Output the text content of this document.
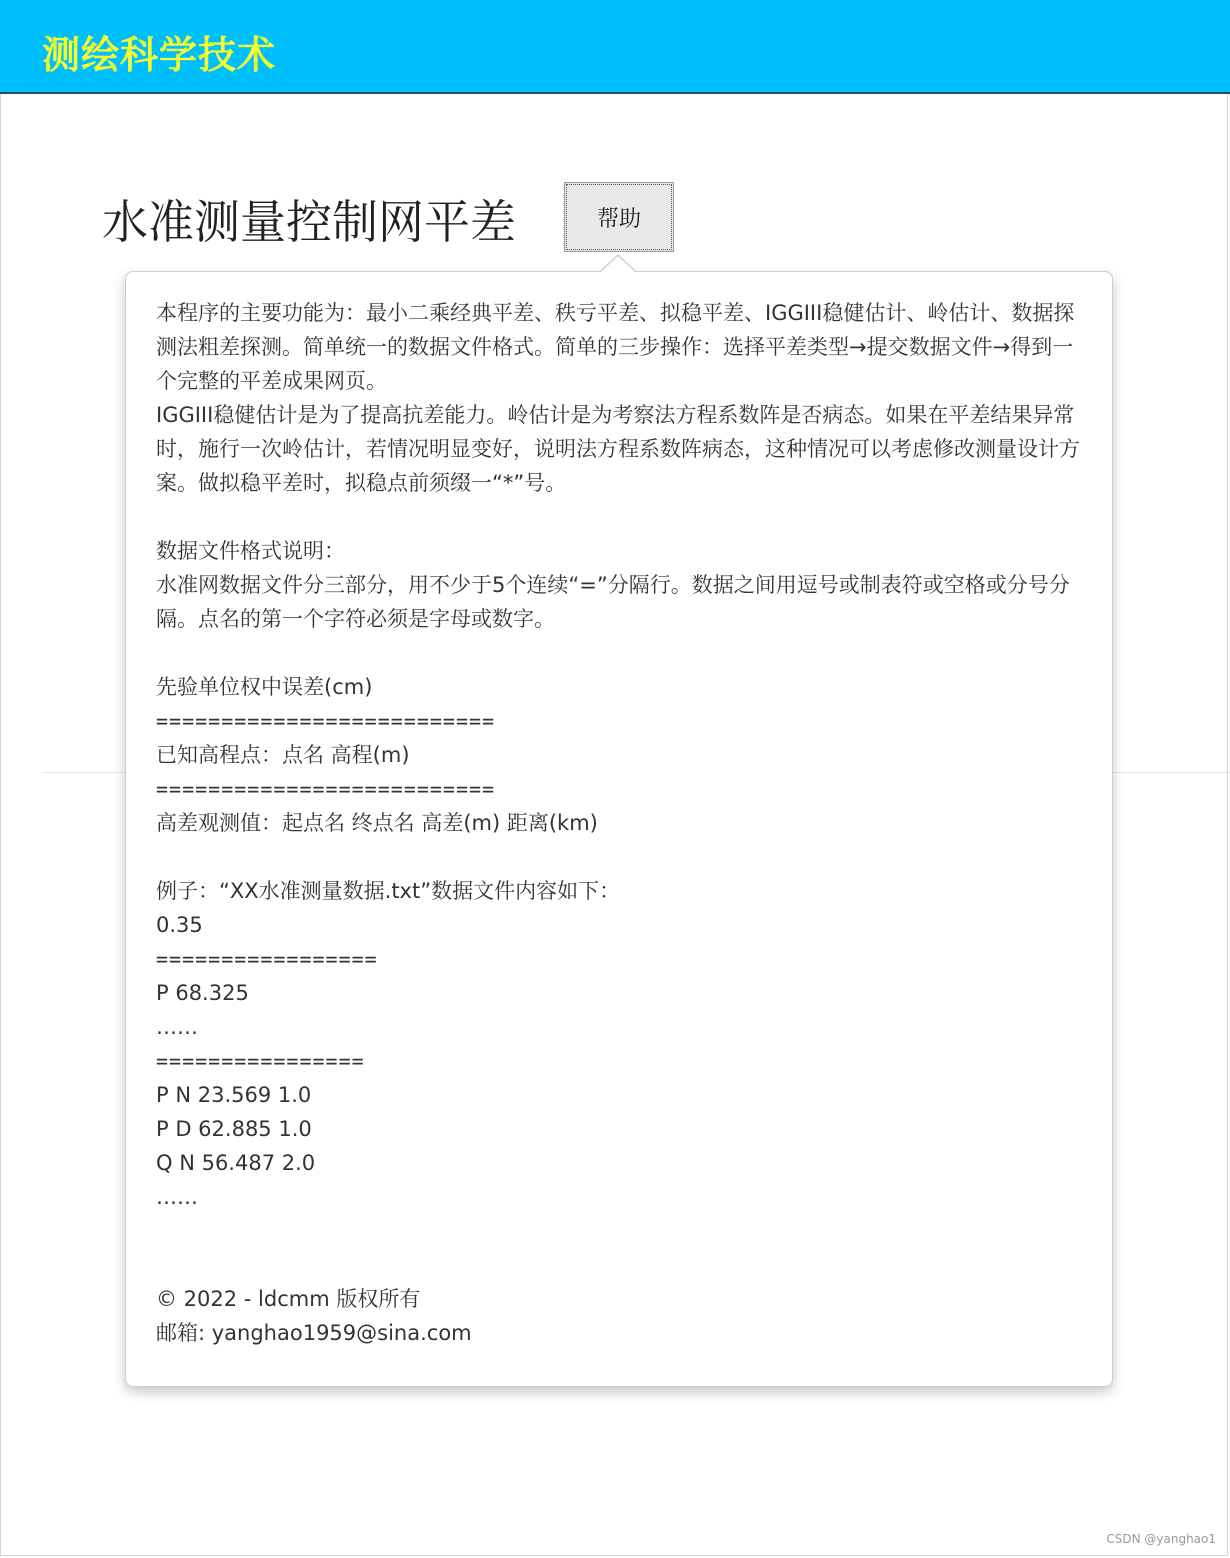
测绘科学技术
水准测量控制网平差	帮助
本程序的主要功能为：最小二乘经典平差、秩亏平差、拟稳平差、IGGIII稳健估计、岭估计、数据探测法粗差探测。简单统一的数据文件格式。简单的三步操作：选择平差类型→提交数据文件→得到一个完整的平差成果网页。
IGGIII稳健估计是为了提高抗差能力。岭估计是为考察法方程系数阵是否病态。如果在平差结果异常时，施行一次岭估计，若情况明显变好，说明法方程系数阵病态，这种情况可以考虑修改测量设计方案。做拟稳平差时，拟稳点前须缀一“*”号。
数据文件格式说明：
水准网数据文件分三部分，用不少于5个连续“=”分隔行。数据之间用逗号或制表符或空格或分号分隔。点名的第一个字符必须是字母或数字。
先验单位权中误差(cm)
==========================
已知高程点：点名 高程(m)
==========================
高差观测值：起点名 终点名 高差(m) 距离(km)
例子：“XX水准测量数据.txt”数据文件内容如下：
0.35
=================
P 68.325
……
================
P N 23.569 1.0
P D 62.885 1.0
Q N 56.487 2.0
……
© 2022 - ldcmm 版权所有
邮箱: yanghao1959@sina.com
CSDN @yanghao1
